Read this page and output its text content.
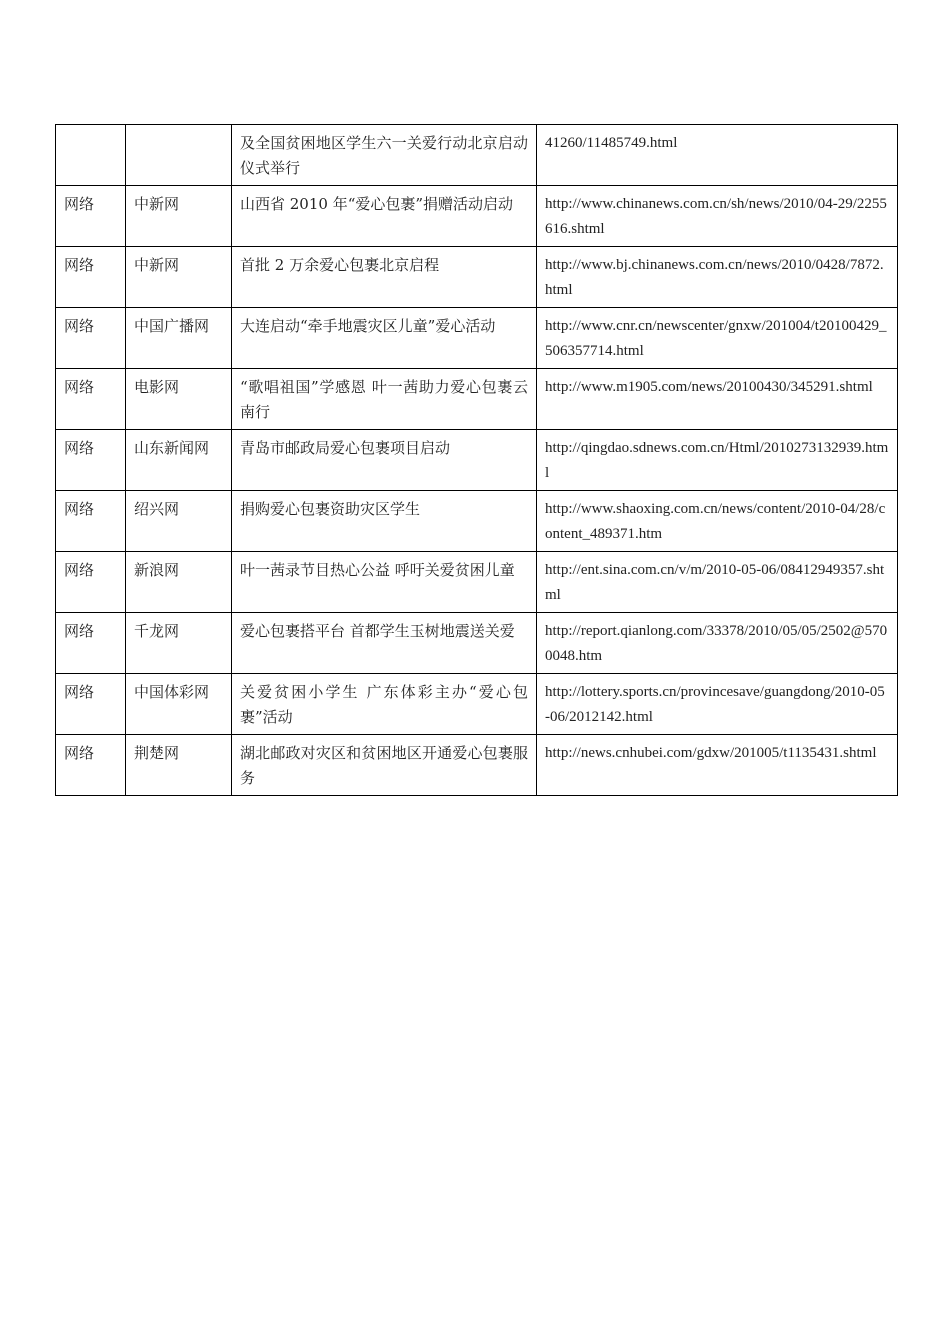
		及全国贫困地区学生六一关爱行动北京启动仪式举行	41260/11485749.html

网络	中新网	山西省 2010 年“爱心包裹”捐赠活动启动	http://www.chinanews.com.cn/sh/news/2010/04-29/2255616.shtml

网络	中新网	首批 2 万余爱心包裹北京启程	http://www.bj.chinanews.com.cn/news/2010/0428/7872.html

网络	中国广播网	大连启动“牵手地震灾区儿童”爱心活动	http://www.cnr.cn/newscenter/gnxw/201004/t20100429_506357714.html

网络	电影网	“歌唱祖国”学感恩 叶一茜助力爱心包裹云南行	http://www.m1905.com/news/20100430/345291.shtml

网络	山东新闻网	青岛市邮政局爱心包裹项目启动	http://qingdao.sdnews.com.cn/Html/2010273132939.html

网络	绍兴网	捐购爱心包裹资助灾区学生	http://www.shaoxing.com.cn/news/content/2010-04/28/content_489371.htm

网络	新浪网	叶一茜录节目热心公益 呼吁关爱贫困儿童	http://ent.sina.com.cn/v/m/2010-05-06/08412949357.shtml

网络	千龙网	爱心包裹搭平台 首都学生玉树地震送关爱	http://report.qianlong.com/33378/2010/05/05/2502@5700048.htm

网络	中国体彩网	关爱贫困小学生 广东体彩主办“爱心包裹”活动	http://lottery.sports.cn/provincesave/guangdong/2010-05-06/2012142.html

网络	荆楚网	湖北邮政对灾区和贫困地区开通爱心包裹服务	http://news.cnhubei.com/gdxw/201005/t1135431.shtml
